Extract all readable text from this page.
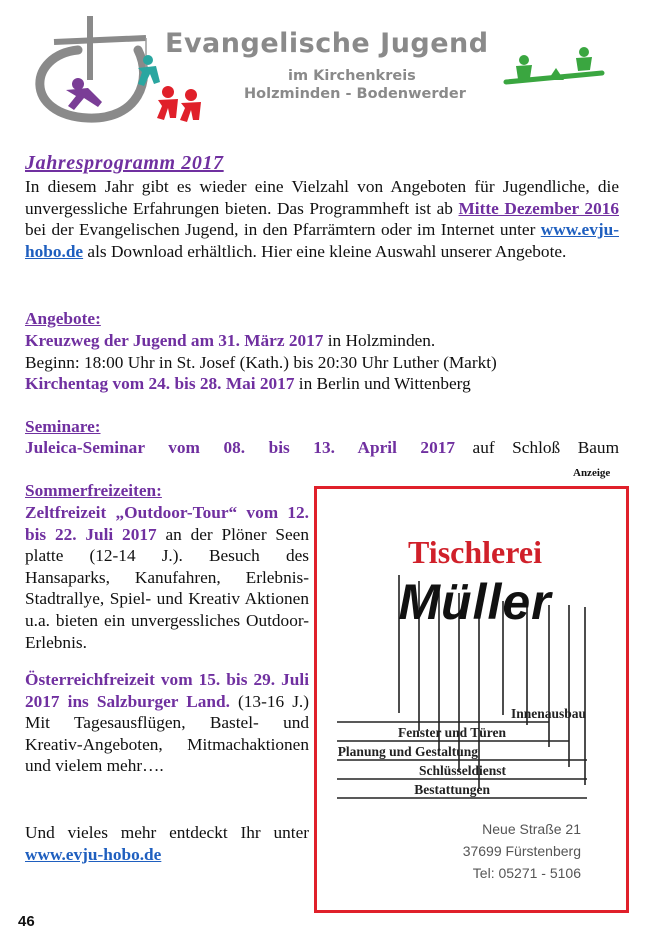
Evangelische Jugend
im Kirchenkreis
Holzminden - Bodenwerder
Jahresprogramm 2017
In diesem Jahr gibt es wieder eine Vielzahl von Angeboten für Jugendliche, die unvergessliche Erfahrungen bieten. Das Programmheft ist ab Mitte Dezember 2016 bei der Evangelischen Jugend, in den Pfarrämtern oder im Internet unter www.evju-hobo.de als Download erhältlich. Hier eine kleine Auswahl unserer Angebote.
Angebote:
Kreuzweg der Jugend am 31. März 2017 in Holzminden.
Beginn: 18:00 Uhr in St. Josef (Kath.) bis 20:30 Uhr Luther (Markt)
Kirchentag vom 24. bis 28. Mai 2017 in Berlin und Wittenberg
Seminare:
Juleica-Seminar vom 08. bis 13. April 2017 auf Schloß Baum
Sommerfreizeiten:
Zeltfreizeit „Outdoor-Tour“ vom 12. bis 22. Juli 2017 an der Plöner Seen platte (12-14 J.). Besuch des Hansaparks, Kanufahren, Erlebnis-Stadtrallye, Spiel- und Kreativ Aktionen u.a. bieten ein unvergessliches Outdoor-Erlebnis.
Österreichfreizeit vom 15. bis 29. Juli 2017 ins Salzburger Land. (13-16 J.) Mit Tagesausflügen, Bastel- und Kreativ-Angeboten, Mitmachaktionen und vielem mehr….
Und vieles mehr entdeckt Ihr unter www.evju-hobo.de
Anzeige
Tischlerei
Müller
Innenausbau
Fenster und Türen
Planung und Gestaltung
Schlüsseldienst
Bestattungen
Neue Straße 21
37699 Fürstenberg
Tel: 05271 - 5106
46
